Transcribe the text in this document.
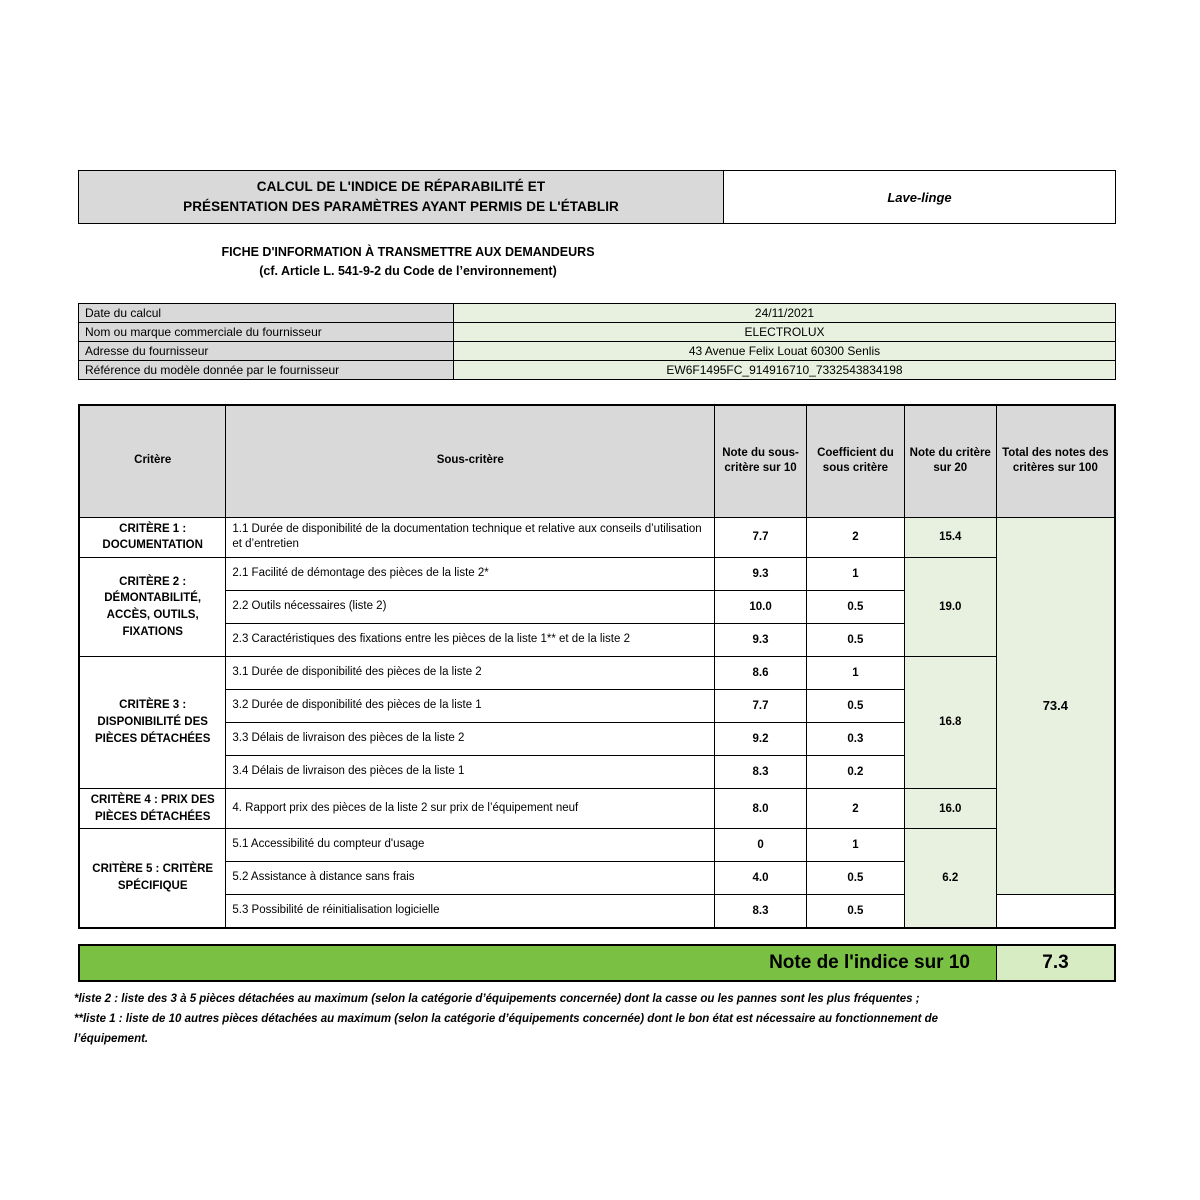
CALCUL DE L'INDICE DE RÉPARABILITÉ ET
PRÉSENTATION DES PARAMÈTRES AYANT PERMIS DE L'ÉTABLIR
Lave-linge
FICHE D'INFORMATION À TRANSMETTRE AUX DEMANDEURS
(cf. Article L. 541-9-2 du Code de l’environnement)
Date du calcul	24/11/2021
Nom ou marque commerciale du fournisseur	ELECTROLUX
Adresse du fournisseur	43 Avenue Felix Louat 60300 Senlis
Référence du modèle donnée par le fournisseur	EW6F1495FC_914916710_7332543834198
Critère	Sous-critère	Note du sous-critère sur 10	Coefficient du sous critère	Note du critère sur 20	Total des notes des critères sur 100
CRITÈRE 1 : DOCUMENTATION	1.1 Durée de disponibilité de la documentation technique et relative aux conseils d’utilisation et d’entretien	7.7	2	15.4	73.4
CRITÈRE 2 : DÉMONTABILITÉ, ACCÈS, OUTILS, FIXATIONS	2.1 Facilité de démontage des pièces de la liste 2*	9.3	1	19.0	
	2.2 Outils nécessaires (liste 2)	10.0	0.5		
	2.3 Caractéristiques des fixations entre les pièces de la liste 1** et de la liste 2	9.3	0.5		
CRITÈRE 3 : DISPONIBILITÉ DES PIÈCES DÉTACHÉES	3.1 Durée de disponibilité des pièces de la liste 2	8.6	1	16.8	
	3.2 Durée de disponibilité des pièces de la liste 1	7.7	0.5		
	3.3 Délais de livraison des pièces de la liste 2	9.2	0.3		
	3.4 Délais de livraison des pièces de la liste 1	8.3	0.2		
CRITÈRE 4 : PRIX DES PIÈCES DÉTACHÉES	4. Rapport prix des pièces de la liste 2 sur prix de l’équipement neuf	8.0	2	16.0	
CRITÈRE 5 : CRITÈRE SPÉCIFIQUE	5.1 Accessibilité du compteur d'usage	0	1	6.2	
	5.2 Assistance à distance sans frais	4.0	0.5		
	5.3 Possibilité de réinitialisation logicielle	8.3	0.5		
Note de l'indice sur 10	7.3
*liste 2 : liste des 3 à 5 pièces détachées au maximum (selon la catégorie d’équipements concernée) dont la casse ou les pannes sont les plus fréquentes ;
**liste 1 : liste de 10 autres pièces détachées au maximum (selon la catégorie d’équipements concernée) dont le bon état est nécessaire au fonctionnement de
l’équipement.
